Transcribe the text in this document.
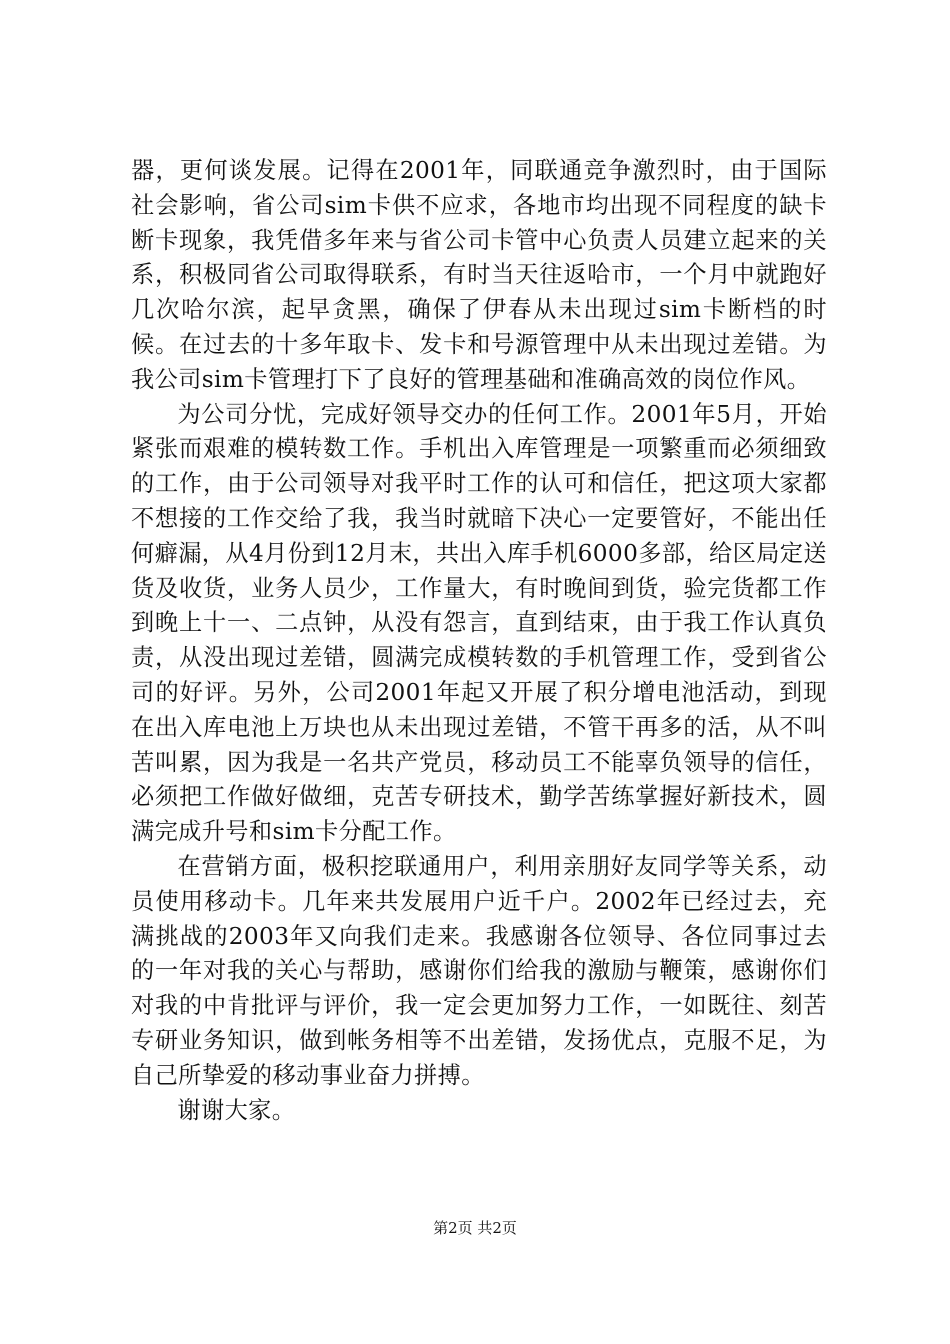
器，更何谈发展。记得在2001年，同联通竞争激烈时，由于国际社会影响，省公司sim卡供不应求，各地市均出现不同程度的缺卡断卡现象，我凭借多年来与省公司卡管中心负责人员建立起来的关系，积极同省公司取得联系，有时当天往返哈市，一个月中就跑好几次哈尔滨，起早贪黑，确保了伊春从未出现过sim卡断档的时候。在过去的十多年取卡、发卡和号源管理中从未出现过差错。为我公司sim卡管理打下了良好的管理基础和准确高效的岗位作风。

为公司分忧，完成好领导交办的任何工作。2001年5月，开始紧张而艰难的模转数工作。手机出入库管理是一项繁重而必须细致的工作，由于公司领导对我平时工作的认可和信任，把这项大家都不想接的工作交给了我，我当时就暗下决心一定要管好，不能出任何癖漏，从4月份到12月末，共出入库手机6000多部，给区局定送货及收货，业务人员少，工作量大，有时晚间到货，验完货都工作到晚上十一、二点钟，从没有怨言，直到结束，由于我工作认真负责，从没出现过差错，圆满完成模转数的手机管理工作，受到省公司的好评。另外，公司2001年起又开展了积分增电池活动，到现在出入库电池上万块也从未出现过差错，不管干再多的活，从不叫苦叫累，因为我是一名共产党员，移动员工不能辜负领导的信任，必须把工作做好做细，克苦专研技术，勤学苦练掌握好新技术，圆满完成升号和sim卡分配工作。

在营销方面，极积挖联通用户，利用亲朋好友同学等关系，动员使用移动卡。几年来共发展用户近千户。2002年已经过去，充满挑战的2003年又向我们走来。我感谢各位领导、各位同事过去的一年对我的关心与帮助，感谢你们给我的激励与鞭策，感谢你们对我的中肯批评与评价，我一定会更加努力工作，一如既往、刻苦专研业务知识，做到帐务相等不出差错，发扬优点，克服不足，为自己所挚爱的移动事业奋力拼搏。

谢谢大家。

第2页 共2页
